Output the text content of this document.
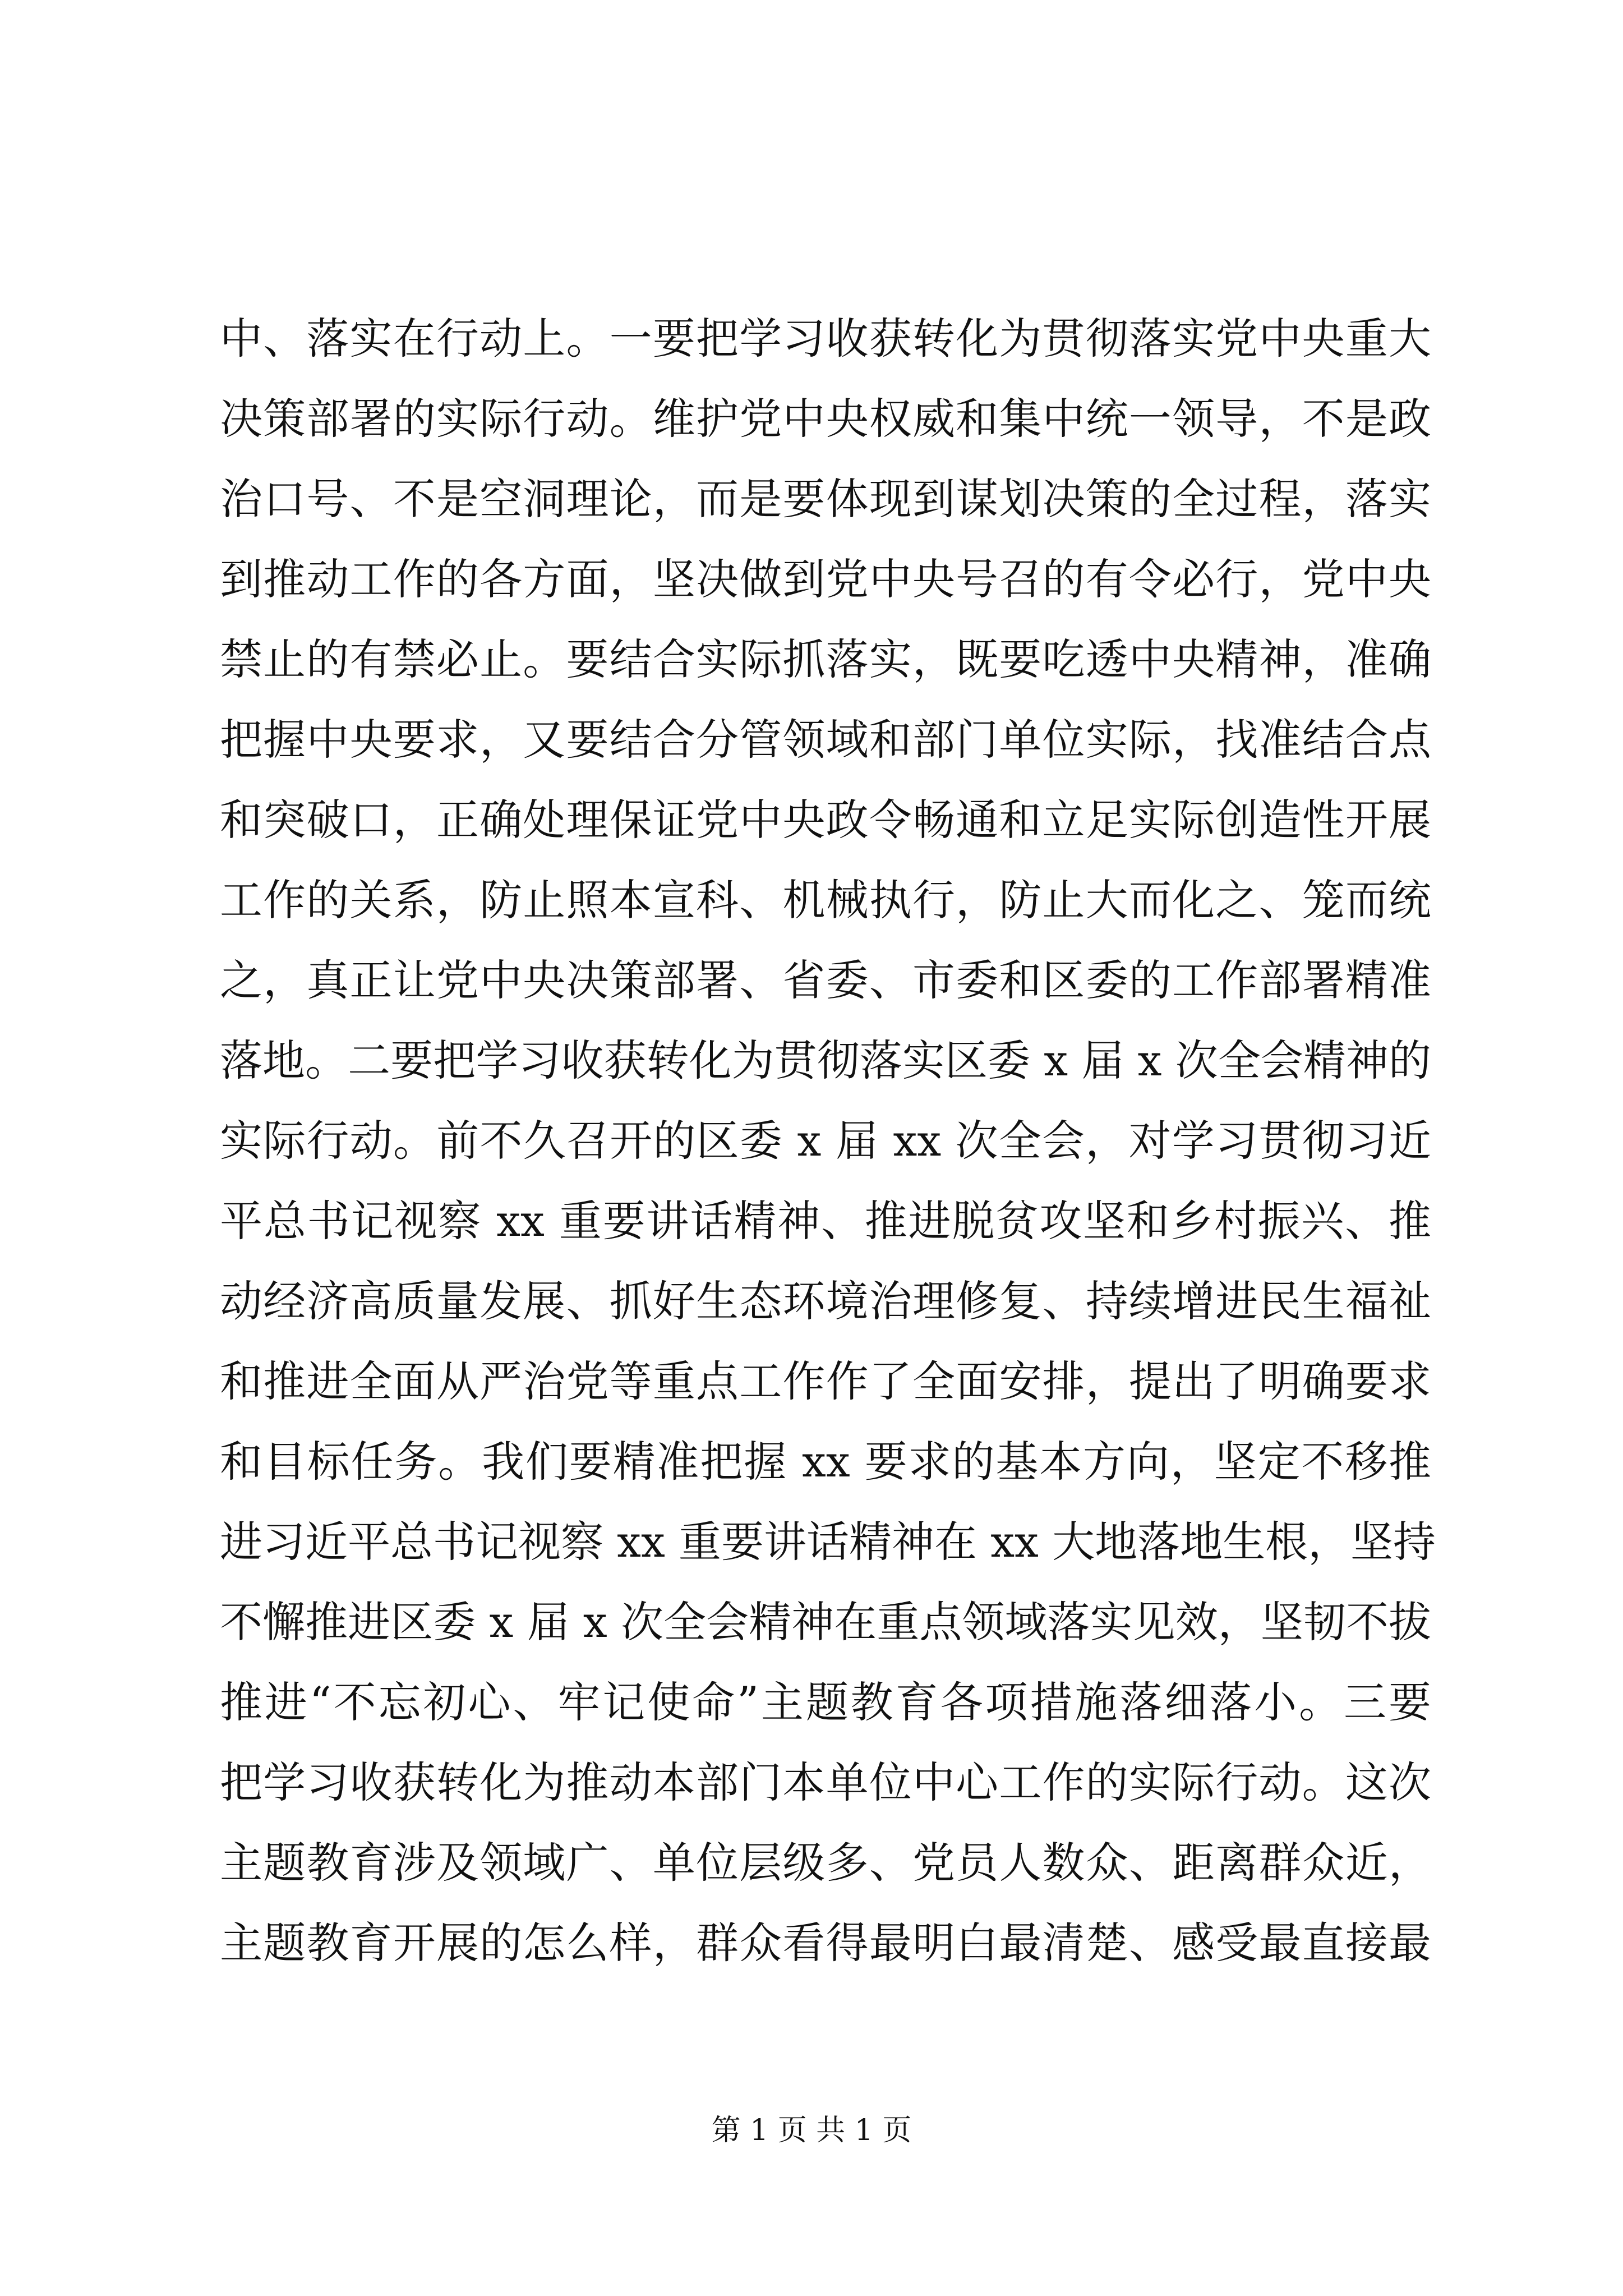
中、落实在行动上。一要把学习收获转化为贯彻落实党中央重大
决策部署的实际行动。维护党中央权威和集中统一领导，不是政
治口号、不是空洞理论，而是要体现到谋划决策的全过程，落实
到推动工作的各方面，坚决做到党中央号召的有令必行，党中央
禁止的有禁必止。要结合实际抓落实，既要吃透中央精神，准确
把握中央要求，又要结合分管领域和部门单位实际，找准结合点
和突破口，正确处理保证党中央政令畅通和立足实际创造性开展
工作的关系，防止照本宣科、机械执行，防止大而化之、笼而统
之，真正让党中央决策部署、省委、市委和区委的工作部署精准
落地。二要把学习收获转化为贯彻落实区委 x 届 x 次全会精神的
实际行动。前不久召开的区委 x 届 xx 次全会，对学习贯彻习近
平总书记视察 xx 重要讲话精神、推进脱贫攻坚和乡村振兴、推
动经济高质量发展、抓好生态环境治理修复、持续增进民生福祉
和推进全面从严治党等重点工作作了全面安排，提出了明确要求
和目标任务。我们要精准把握 xx 要求的基本方向，坚定不移推
进习近平总书记视察 xx 重要讲话精神在 xx 大地落地生根，坚持
不懈推进区委 x 届 x 次全会精神在重点领域落实见效，坚韧不拔
推进“不忘初心、牢记使命”主题教育各项措施落细落小。三要
把学习收获转化为推动本部门本单位中心工作的实际行动。这次
主题教育涉及领域广、单位层级多、党员人数众、距离群众近，
主题教育开展的怎么样，群众看得最明白最清楚、感受最直接最
第 1 页 共 1 页
